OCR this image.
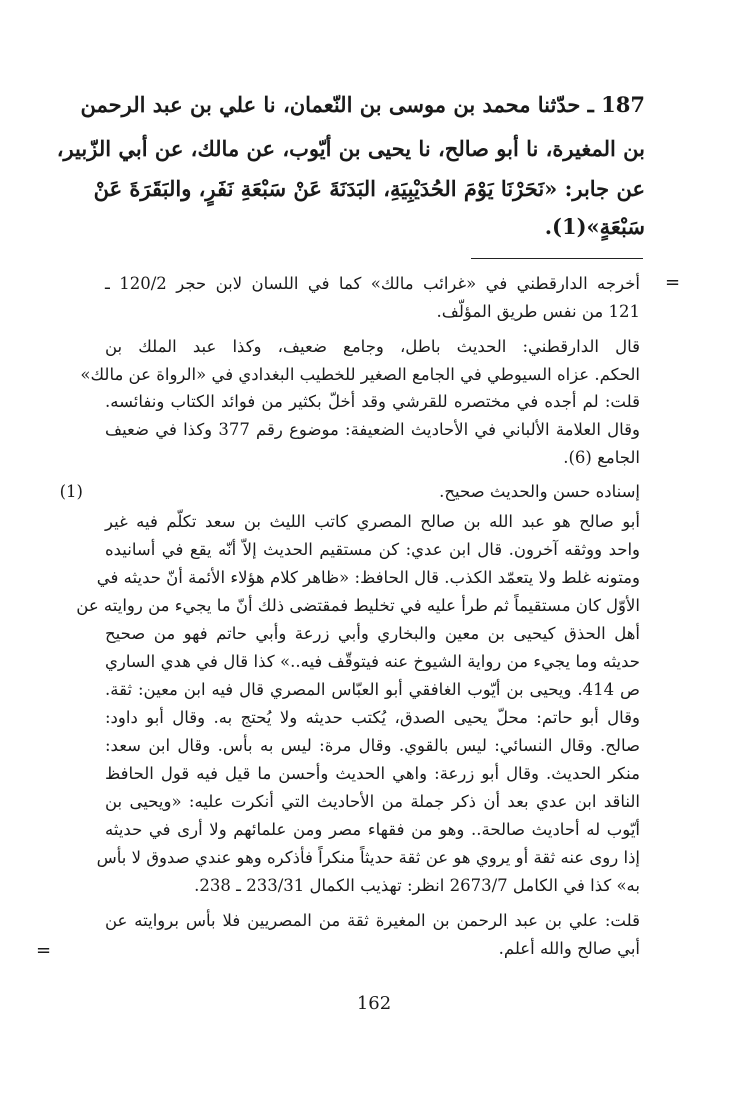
187 ـ حدّثنا محمد بن موسى بن النّعمان، نا علي بن عبد الرحمن
بن المغيرة، نا أبو صالح، نا يحيى بن أيّوب، عن مالك، عن أبي الزّبير،
عن جابر: «نَحَرْنَا يَوْمَ الحُدَيْبِيَةِ، البَدَنَةَ عَنْ سَبْعَةِ نَفَرٍ، والبَقَرَةَ عَنْ
سَبْعَةٍ»(1).
=
أخرجه الدارقطني في «غرائب مالك» كما في اللسان لابن حجر 120/2 ـ
121 من نفس طريق المؤلّف.
قال الدارقطني: الحديث باطل، وجامع ضعيف، وكذا عبد الملك بن
الحكم. عزاه السيوطي في الجامع الصغير للخطيب البغدادي في «الرواة عن مالك»
قلت: لم أجده في مختصره للقرشي وقد أخلّ بكثير من فوائد الكتاب ونفائسه.
وقال العلامة الألباني في الأحاديث الضعيفة: موضوع رقم 377 وكذا في ضعيف
الجامع (6).
(1)	إسناده حسن والحديث صحيح.
أبو صالح هو عبد الله بن صالح المصري كاتب الليث بن سعد تكلّم فيه غير
واحد ووثقه آخرون. قال ابن عدي: كن مستقيم الحديث إلاّ أنّه يقع في أسانيده
ومتونه غلط ولا يتعمّد الكذب. قال الحافظ: «ظاهر كلام هؤلاء الأئمة أنّ حديثه في
الأوّل كان مستقيماً ثم طرأ عليه في تخليط فمقتضى ذلك أنّ ما يجيء من روايته عن
أهل الحذق كيحيى بن معين والبخاري وأبي زرعة وأبي حاتم فهو من صحيح
حديثه وما يجيء من رواية الشيوخ عنه فيتوقّف فيه..» كذا قال في هدي الساري
ص 414. ويحيى بن أيّوب الغافقي أبو العبّاس المصري قال فيه ابن معين: ثقة.
وقال أبو حاتم: محلّ يحيى الصدق، يُكتب حديثه ولا يُحتج به. وقال أبو داود:
صالح. وقال النسائي: ليس بالقوي. وقال مرة: ليس به بأس. وقال ابن سعد:
منكر الحديث. وقال أبو زرعة: واهي الحديث وأحسن ما قيل فيه قول الحافظ
الناقد ابن عدي بعد أن ذكر جملة من الأحاديث التي أنكرت عليه: «ويحيى بن
أيّوب له أحاديث صالحة.. وهو من فقهاء مصر ومن علمائهم ولا أرى في حديثه
إذا روى عنه ثقة أو يروي هو عن ثقة حديثاً منكراً فأذكره وهو عندي صدوق لا بأس
به» كذا في الكامل 2673/7 انظر: تهذيب الكمال 233/31 ـ 238.
قلت: علي بن عبد الرحمن بن المغيرة ثقة من المصريين فلا بأس بروايته عن
أبي صالح والله أعلم.
=
162
